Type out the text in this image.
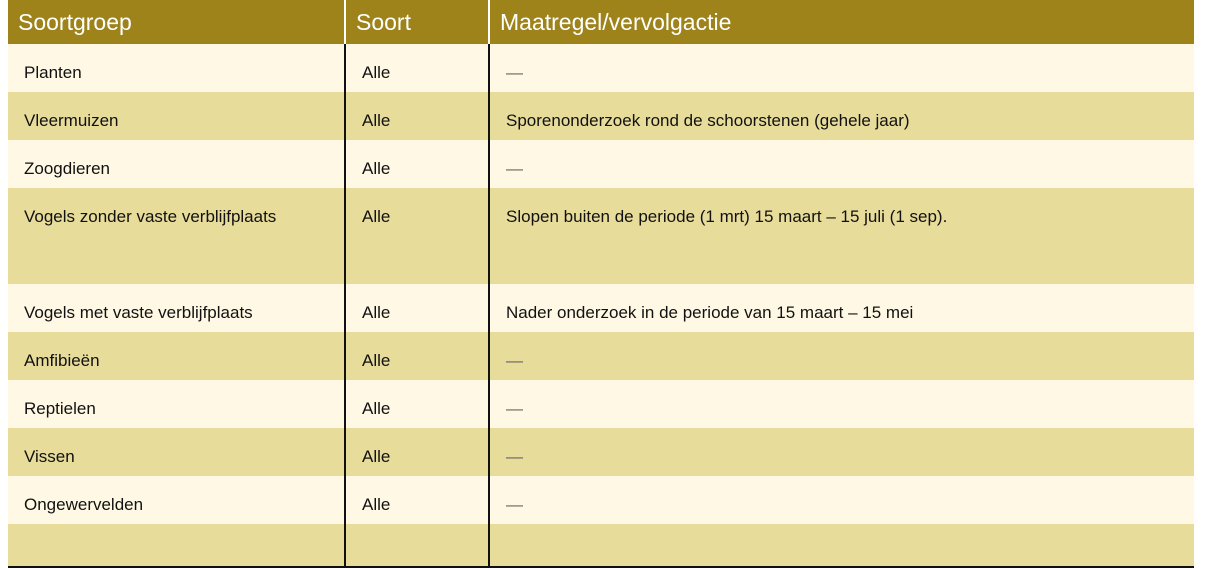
Soortgroep	Soort	Maatregel/vervolgactie
Planten	Alle	—
Vleermuizen	Alle	Sporenonderzoek rond de schoorstenen (gehele jaar)
Zoogdieren	Alle	—
Vogels zonder vaste verblijfplaats	Alle	Slopen buiten de periode (1 mrt) 15 maart – 15 juli (1 sep).
Vogels met vaste verblijfplaats	Alle	Nader onderzoek in de periode van 15 maart – 15 mei
Amfibieën	Alle	—
Reptielen	Alle	—
Vissen	Alle	—
Ongewervelden	Alle	—
